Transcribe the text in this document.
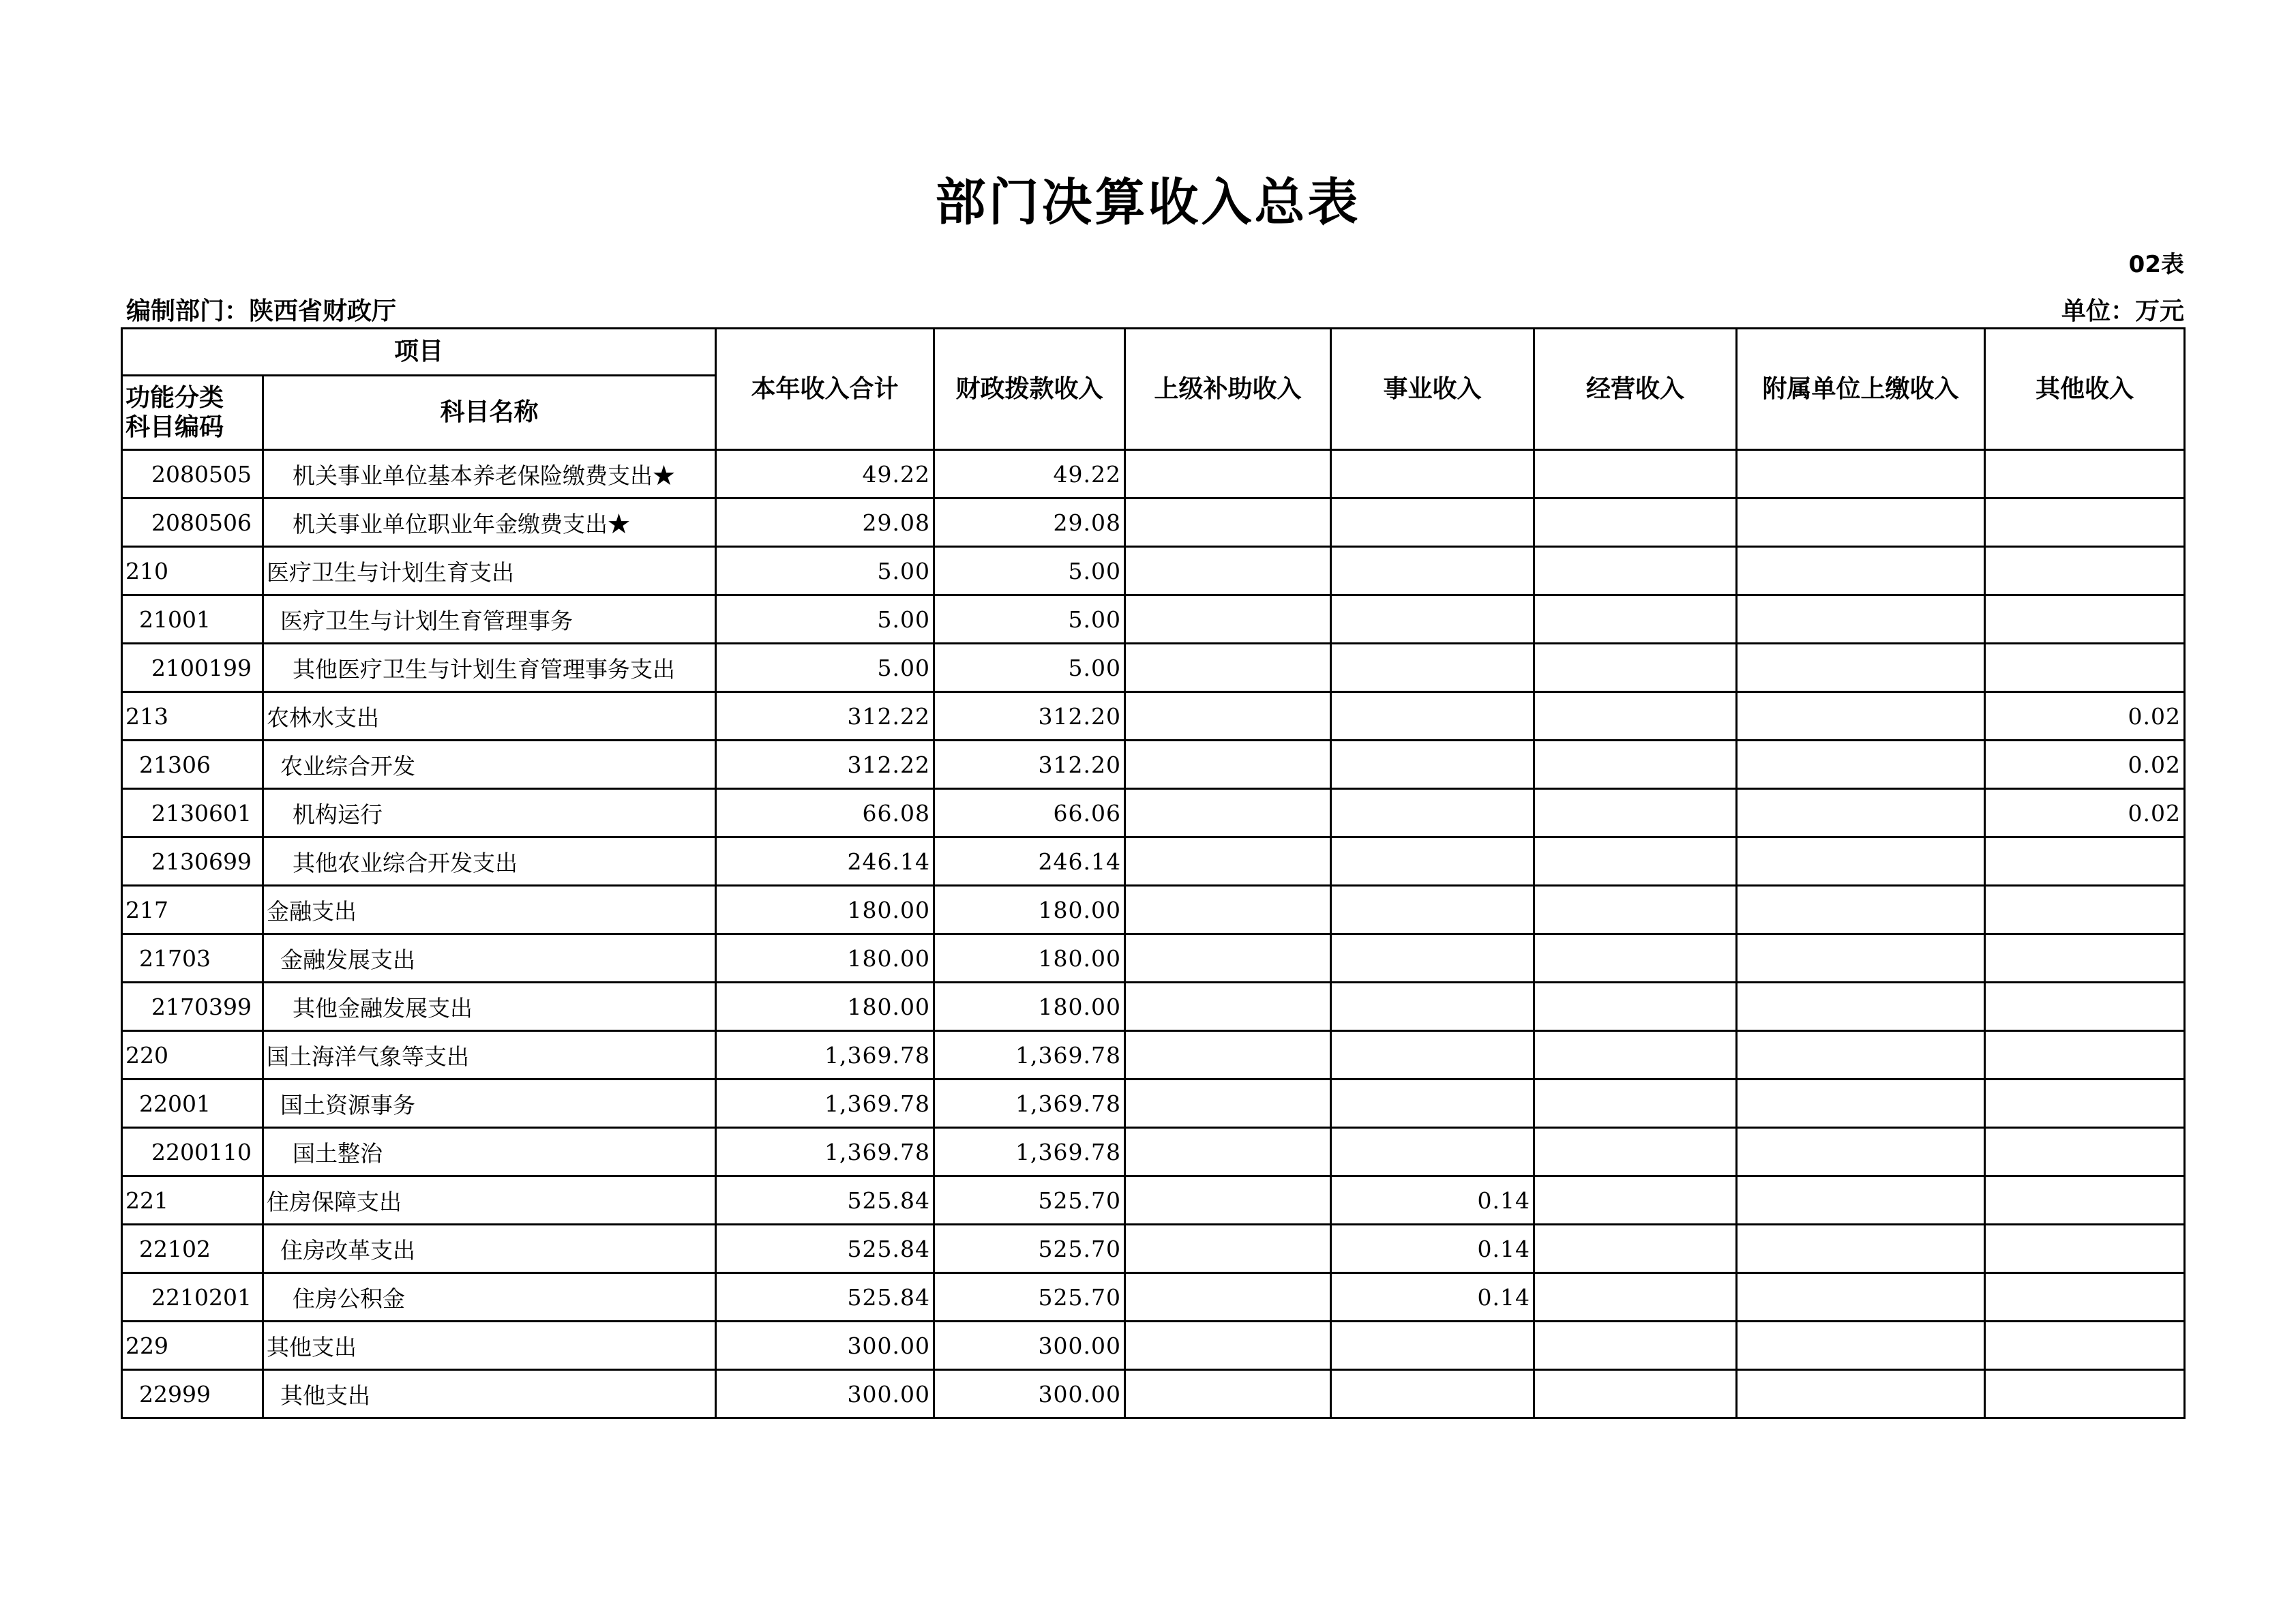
部门决算收入总表
02表
编制部门：陕西省财政厅	单位：万元
项目		本年收入合计	财政拨款收入	上级补助收入	事业收入	经营收入	附属单位上缴收入	其他收入

功能分类
科目编码	科目名称							
2080505	机关事业单位基本养老保险缴费支出★	49.22	49.22					
2080506	机关事业单位职业年金缴费支出★	29.08	29.08					
210	医疗卫生与计划生育支出	5.00	5.00					
21001	医疗卫生与计划生育管理事务	5.00	5.00					
2100199	其他医疗卫生与计划生育管理事务支出	5.00	5.00					
213	农林水支出	312.22	312.20					0.02
21306	农业综合开发	312.22	312.20					0.02
2130601	机构运行	66.08	66.06					0.02
2130699	其他农业综合开发支出	246.14	246.14					
217	金融支出	180.00	180.00					
21703	金融发展支出	180.00	180.00					
2170399	其他金融发展支出	180.00	180.00					
220	国土海洋气象等支出	1,369.78	1,369.78					
22001	国土资源事务	1,369.78	1,369.78					
2200110	国土整治	1,369.78	1,369.78					
221	住房保障支出	525.84	525.70		0.14			
22102	住房改革支出	525.84	525.70		0.14			
2210201	住房公积金	525.84	525.70		0.14			
229	其他支出	300.00	300.00					
22999	其他支出	300.00	300.00					
